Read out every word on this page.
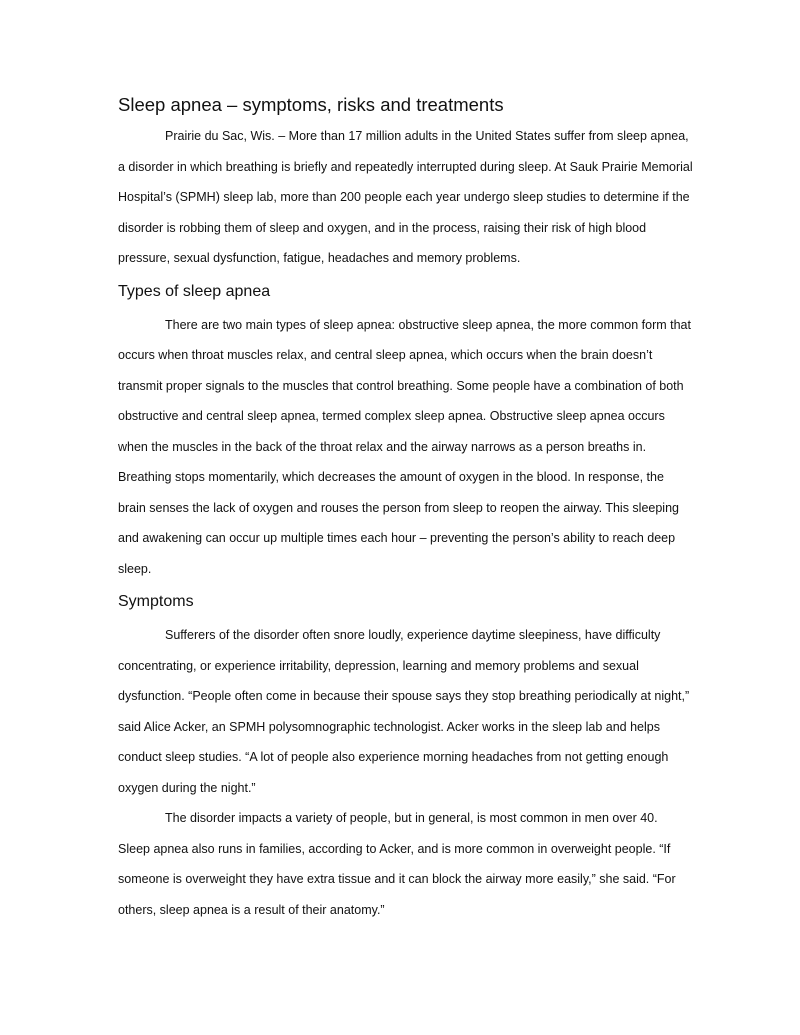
Sleep apnea – symptoms, risks and treatments

Prairie du Sac, Wis. – More than 17 million adults in the United States suffer from sleep apnea, a disorder in which breathing is briefly and repeatedly interrupted during sleep. At Sauk Prairie Memorial Hospital’s (SPMH) sleep lab, more than 200 people each year undergo sleep studies to determine if the disorder is robbing them of sleep and oxygen, and in the process, raising their risk of high blood pressure, sexual dysfunction, fatigue, headaches and memory problems.

Types of sleep apnea

There are two main types of sleep apnea: obstructive sleep apnea, the more common form that occurs when throat muscles relax, and central sleep apnea, which occurs when the brain doesn’t transmit proper signals to the muscles that control breathing. Some people have a combination of both obstructive and central sleep apnea, termed complex sleep apnea. Obstructive sleep apnea occurs when the muscles in the back of the throat relax and the airway narrows as a person breaths in. Breathing stops momentarily, which decreases the amount of oxygen in the blood. In response, the brain senses the lack of oxygen and rouses the person from sleep to reopen the airway. This sleeping and awakening can occur up multiple times each hour – preventing the person’s ability to reach deep sleep.

Symptoms

Sufferers of the disorder often snore loudly, experience daytime sleepiness, have difficulty concentrating, or experience irritability, depression, learning and memory problems and sexual dysfunction. “People often come in because their spouse says they stop breathing periodically at night,” said Alice Acker, an SPMH polysomnographic technologist. Acker works in the sleep lab and helps conduct sleep studies. “A lot of people also experience morning headaches from not getting enough oxygen during the night.”

The disorder impacts a variety of people, but in general, is most common in men over 40. Sleep apnea also runs in families, according to Acker, and is more common in overweight people. “If someone is overweight they have extra tissue and it can block the airway more easily,” she said. “For others, sleep apnea is a result of their anatomy.”
